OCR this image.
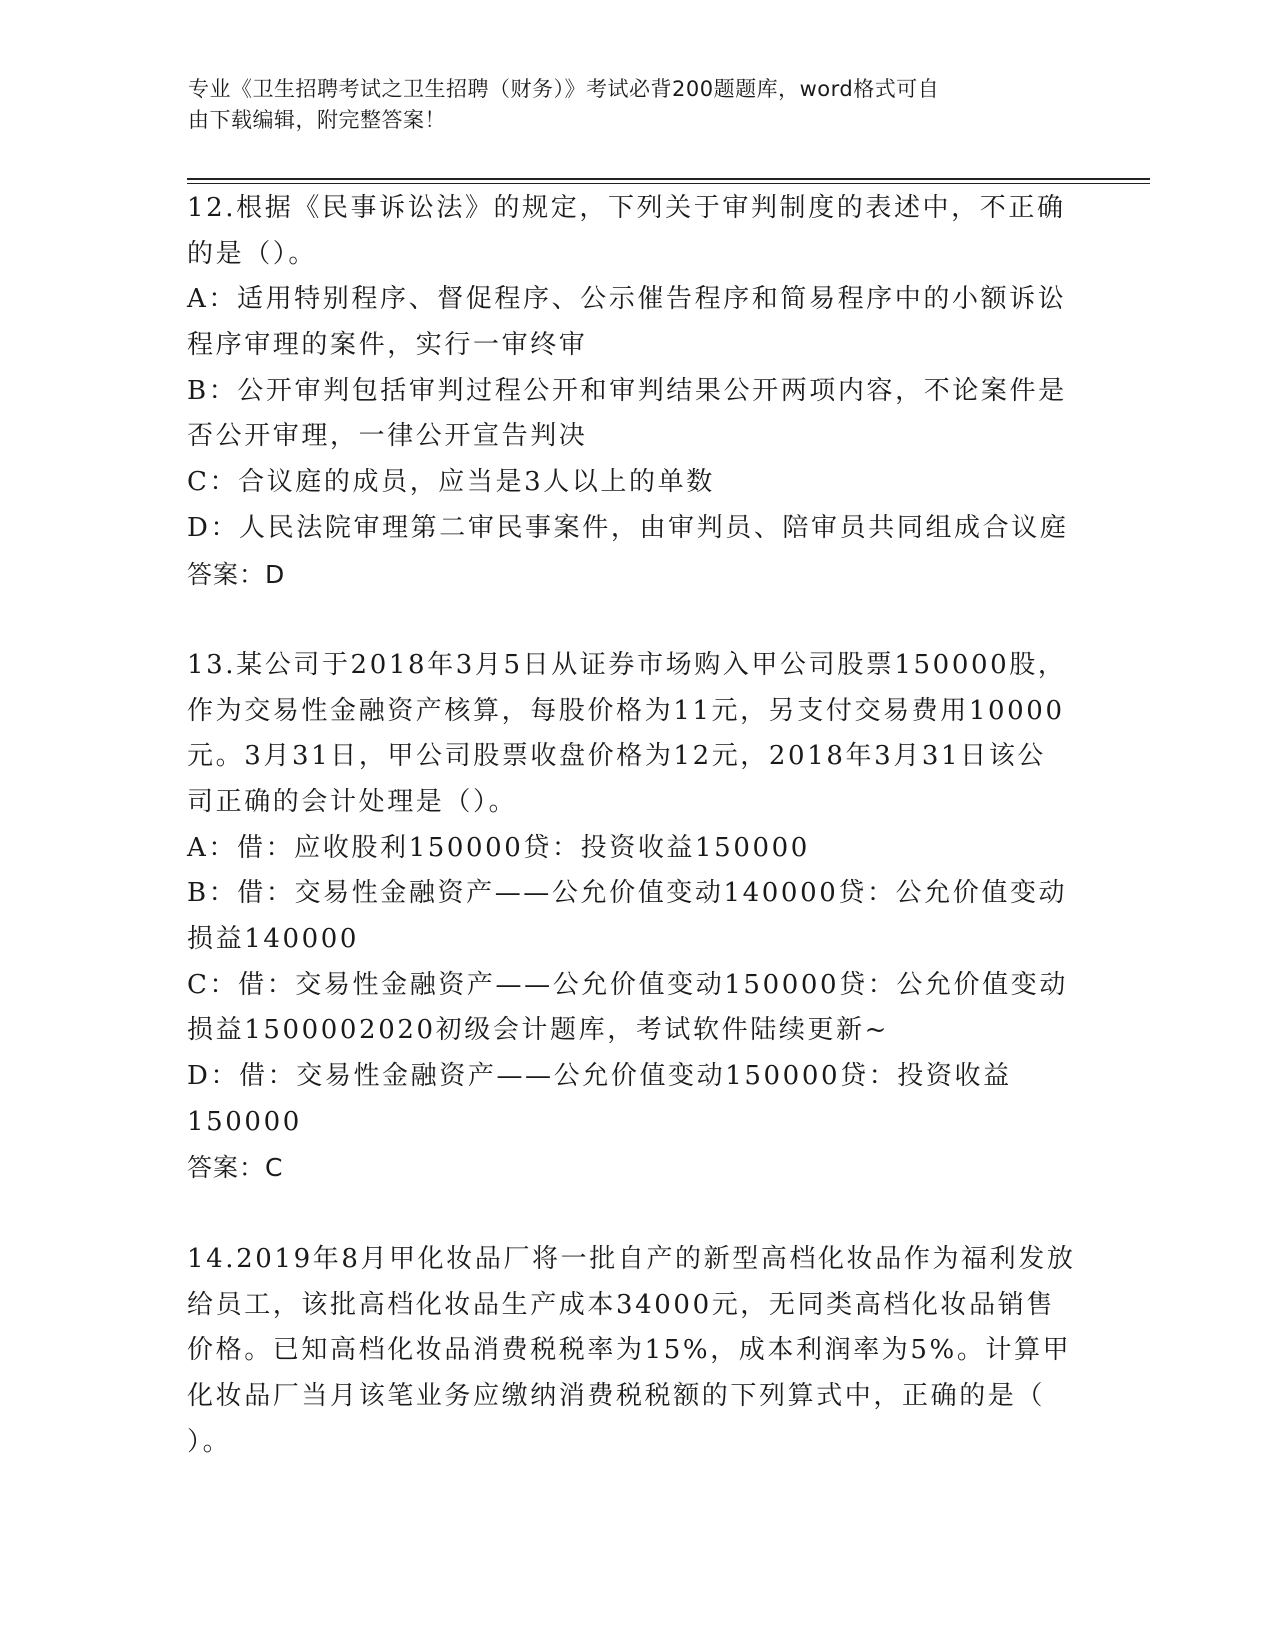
专业《卫生招聘考试之卫生招聘（财务）》考试必背200题题库，word格式可自
由下载编辑，附完整答案！
12.根据《民事诉讼法》的规定，下列关于审判制度的表述中，不正确
的是（）。
A：适用特别程序、督促程序、公示催告程序和简易程序中的小额诉讼
程序审理的案件，实行一审终审
B：公开审判包括审判过程公开和审判结果公开两项内容，不论案件是
否公开审理，一律公开宣告判决
C：合议庭的成员，应当是3人以上的单数
D：人民法院审理第二审民事案件，由审判员、陪审员共同组成合议庭
答案：D
13.某公司于2018年3月5日从证券市场购入甲公司股票150000股，
作为交易性金融资产核算，每股价格为11元，另支付交易费用10000
元。3月31日，甲公司股票收盘价格为12元，2018年3月31日该公
司正确的会计处理是（）。
A：借：应收股利150000贷：投资收益150000
B：借：交易性金融资产——公允价值变动140000贷：公允价值变动
损益140000
C：借：交易性金融资产——公允价值变动150000贷：公允价值变动
损益1500002020初级会计题库，考试软件陆续更新~
D：借：交易性金融资产——公允价值变动150000贷：投资收益
150000
答案：C
14.2019年8月甲化妆品厂将一批自产的新型高档化妆品作为福利发放
给员工，该批高档化妆品生产成本34000元，无同类高档化妆品销售
价格。已知高档化妆品消费税税率为15%，成本利润率为5%。计算甲
化妆品厂当月该笔业务应缴纳消费税税额的下列算式中，正确的是（
）。
